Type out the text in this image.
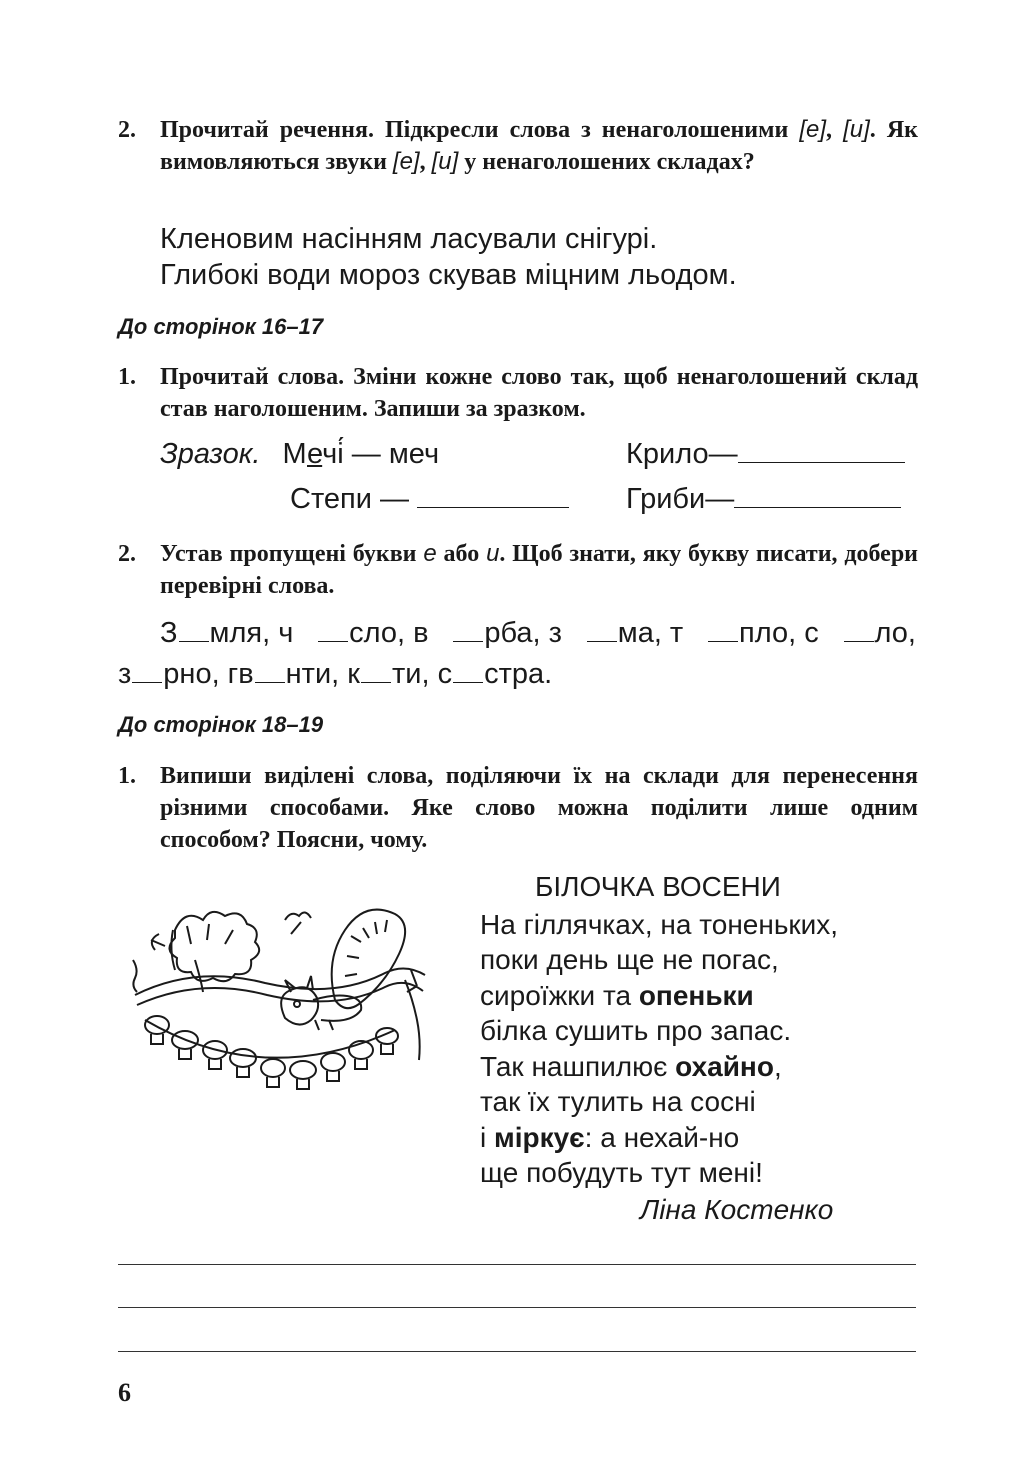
2. Прочитай речення. Підкресли слова з ненаголошеними [е], [и]. Як вимовляються звуки [е], [и] у ненаголошених складах?
Кленовим насінням ласували снігурі.
Глибокі води мороз скував міцним льодом.
До сторінок 16–17
1. Прочитай слова. Зміни кожне слово так, щоб ненаголошений склад став наголошеним. Запиши за зразком.
Зразок. Мечі́ — меч	Крило—
Степи —	Гриби—
2. Устав пропущені букви е або и. Щоб знати, яку букву писати, добери перевірні слова.
З мля, ч	сло, в	рба, з	ма, т	пло, с	ло,
з рно, гв нти, к ти, с стра.
До сторінок 18–19
1. Випиши виділені слова, поділяючи їх на склади для перенесення різними способами. Яке слово можна поділити лише одним способом? Поясни, чому.
БІЛОЧКА ВОСЕНИ
На гіллячках, на тоненьких,
поки день ще не погас,
сироїжки та опеньки
білка сушить про запас.
Так нашпилює охайно,
так їх тулить на сосні
і міркує: а нехай-но
ще побудуть тут мені!
Ліна Костенко
6
